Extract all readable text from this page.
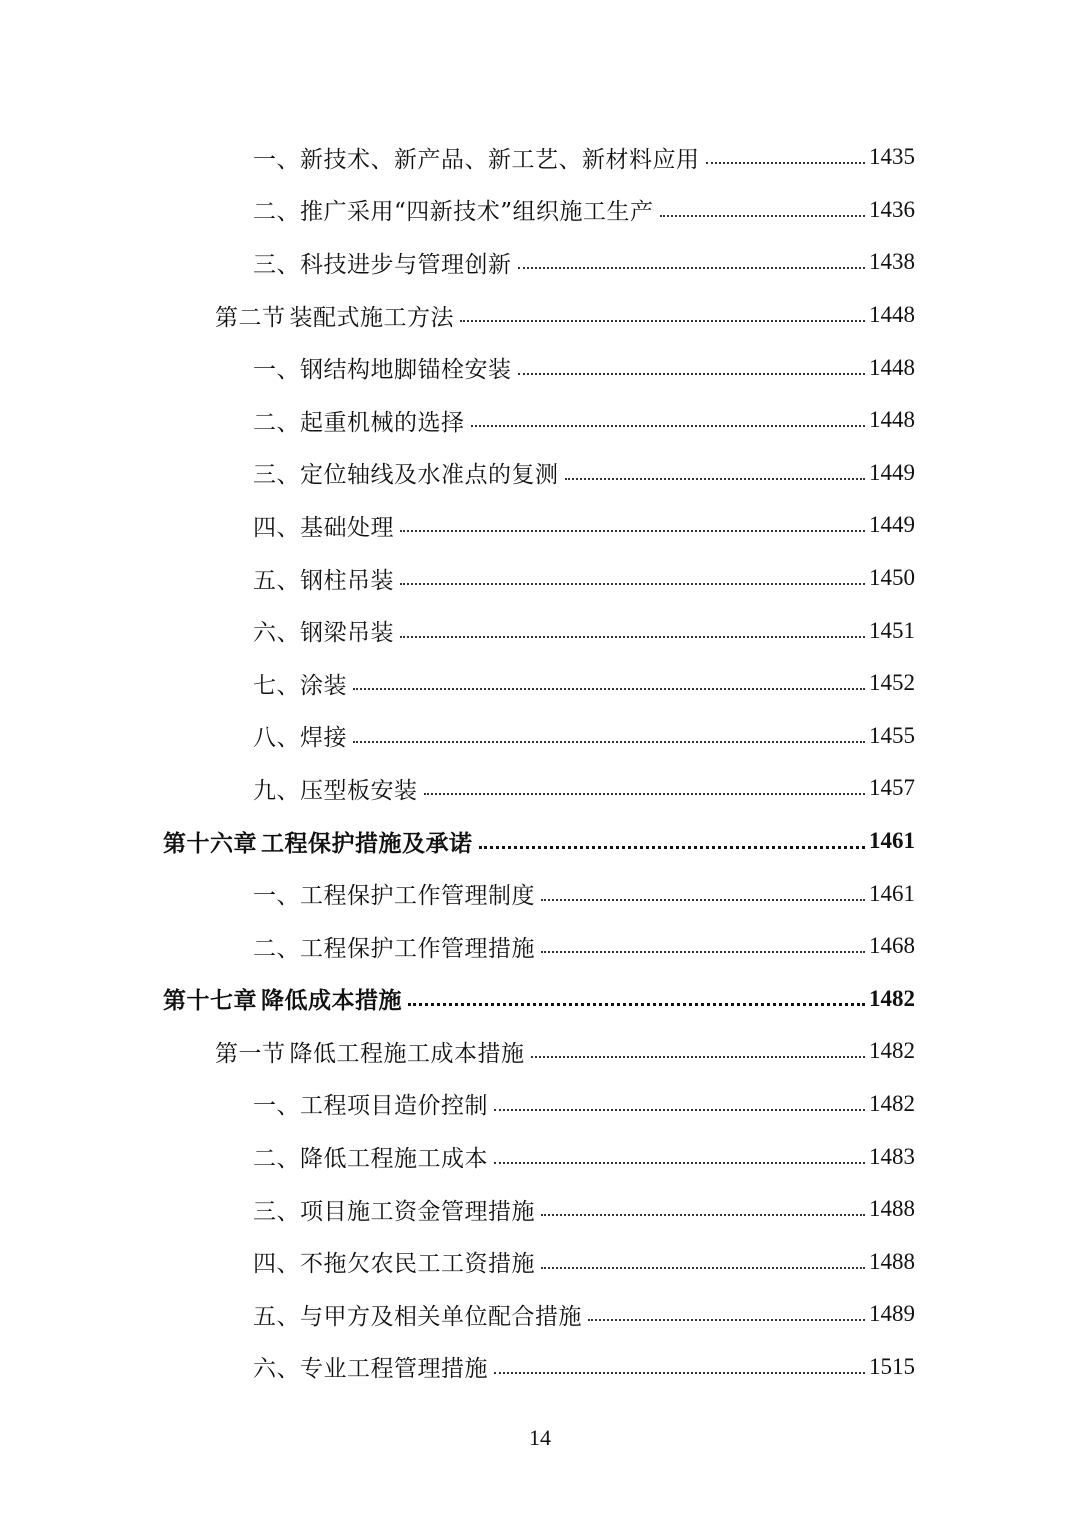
一、新技术、新产品、新工艺、新材料应用	1435
二、推广采用“四新技术”组织施工生产	1436
三、科技进步与管理创新	1438
第二节 装配式施工方法	1448
一、钢结构地脚锚栓安装	1448
二、起重机械的选择	1448
三、定位轴线及水准点的复测	1449
四、基础处理	1449
五、钢柱吊装	1450
六、钢梁吊装	1451
七、涂装	1452
八、焊接	1455
九、压型板安装	1457
第十六章 工程保护措施及承诺	1461
一、工程保护工作管理制度	1461
二、工程保护工作管理措施	1468
第十七章 降低成本措施	1482
第一节 降低工程施工成本措施	1482
一、工程项目造价控制	1482
二、降低工程施工成本	1483
三、项目施工资金管理措施	1488
四、不拖欠农民工工资措施	1488
五、与甲方及相关单位配合措施	1489
六、专业工程管理措施	1515
14
